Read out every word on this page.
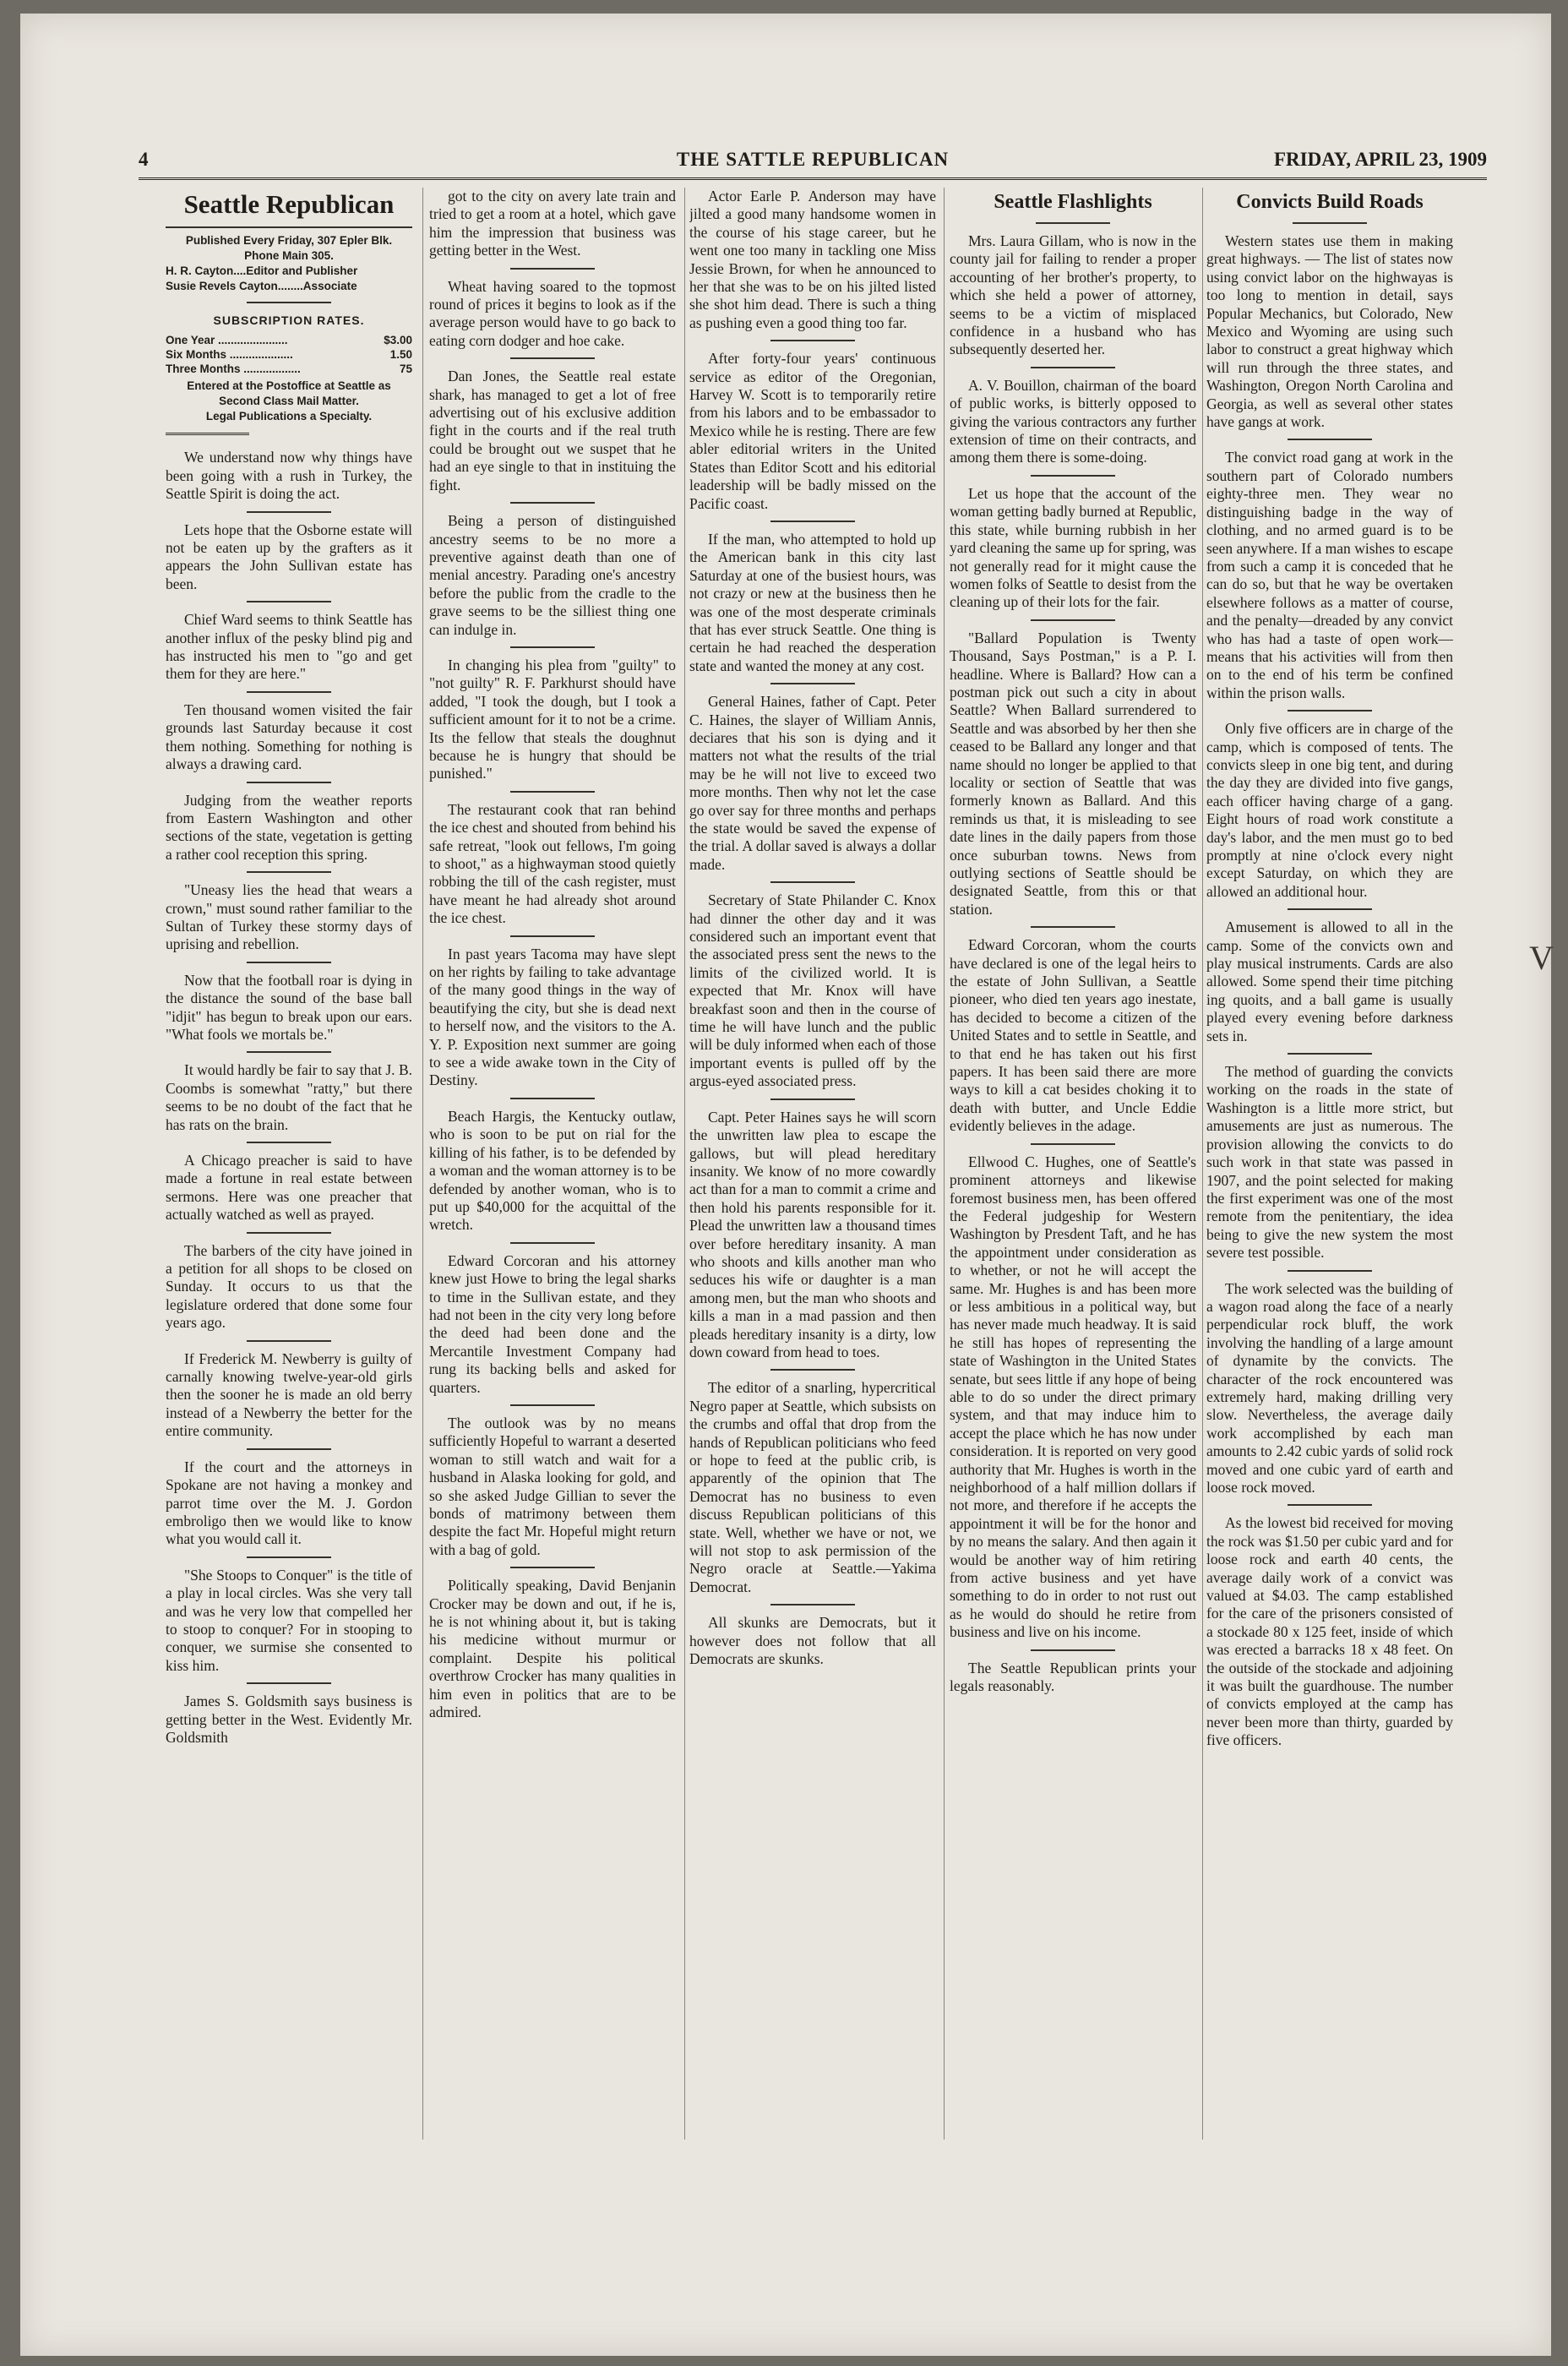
4	THE SATTLE REPUBLICAN	FRIDAY, APRIL 23, 1909
Seattle Republican
Published Every Friday, 307 Epler Blk.
Phone Main 305.
H. R. Cayton....Editor and Publisher
Susie Revels Cayton........Associate
SUBSCRIPTION RATES.
One Year ......................	$3.00
Six Months ....................	1.50
Three Months ..................	75
Entered at the Postoffice at Seattle as
Second Class Mail Matter.
Legal Publications a Specialty.

We understand now why things have been going with a rush in Turkey, the Seattle Spirit is doing the act.

Lets hope that the Osborne estate will not be eaten up by the grafters as it appears the John Sullivan estate has been.

Chief Ward seems to think Seattle has another influx of the pesky blind pig and has instructed his men to "go and get them for they are here."

Ten thousand women visited the fair grounds last Saturday because it cost them nothing. Something for nothing is always a drawing card.

Judging from the weather reports from Eastern Washington and other sections of the state, vegetation is getting a rather cool reception this spring.

"Uneasy lies the head that wears a crown," must sound rather familiar to the Sultan of Turkey these stormy days of uprising and rebellion.

Now that the football roar is dying in the distance the sound of the base ball "idjit" has begun to break upon our ears. "What fools we mortals be."

It would hardly be fair to say that J. B. Coombs is somewhat "ratty," but there seems to be no doubt of the fact that he has rats on the brain.

A Chicago preacher is said to have made a fortune in real estate between sermons. Here was one preacher that actually watched as well as prayed.

The barbers of the city have joined in a petition for all shops to be closed on Sunday. It occurs to us that the legislature ordered that done some four years ago.

If Frederick M. Newberry is guilty of carnally knowing twelve-year-old girls then the sooner he is made an old berry instead of a Newberry the better for the entire community.

If the court and the attorneys in Spokane are not having a monkey and parrot time over the M. J. Gordon embroligo then we would like to know what you would call it.

"She Stoops to Conquer" is the title of a play in local circles. Was she very tall and was he very low that compelled her to stoop to conquer? For in stooping to conquer, we surmise she consented to kiss him.

James S. Goldsmith says business is getting better in the West. Evidently Mr. Goldsmith

got to the city on avery late train and tried to get a room at a hotel, which gave him the impression that business was getting better in the West.

Wheat having soared to the topmost round of prices it begins to look as if the average person would have to go back to eating corn dodger and hoe cake.

Dan Jones, the Seattle real estate shark, has managed to get a lot of free advertising out of his exclusive addition fight in the courts and if the real truth could be brought out we suspet that he had an eye single to that in instituing the fight.

Being a person of distinguished ancestry seems to be no more a preventive against death than one of menial ancestry. Parading one's ancestry before the public from the cradle to the grave seems to be the silliest thing one can indulge in.

In changing his plea from "guilty" to "not guilty" R. F. Parkhurst should have added, "I took the dough, but I took a sufficient amount for it to not be a crime. Its the fellow that steals the doughnut because he is hungry that should be punished."

The restaurant cook that ran behind the ice chest and shouted from behind his safe retreat, "look out fellows, I'm going to shoot," as a highwayman stood quietly robbing the till of the cash register, must have meant he had already shot around the ice chest.

In past years Tacoma may have slept on her rights by failing to take advantage of the many good things in the way of beautifying the city, but she is dead next to herself now, and the visitors to the A. Y. P. Exposition next summer are going to see a wide awake town in the City of Destiny.

Beach Hargis, the Kentucky outlaw, who is soon to be put on rial for the killing of his father, is to be defended by a woman and the woman attorney is to be defended by another woman, who is to put up $40,000 for the acquittal of the wretch.

Edward Corcoran and his attorney knew just Howe to bring the legal sharks to time in the Sullivan estate, and they had not been in the city very long before the deed had been done and the Mercantile Investment Company had rung its backing bells and asked for quarters.

The outlook was by no means sufficiently Hopeful to warrant a deserted woman to still watch and wait for a husband in Alaska looking for gold, and so she asked Judge Gillian to sever the bonds of matrimony between them despite the fact Mr. Hopeful might return with a bag of gold.

Politically speaking, David Benjanin Crocker may be down and out, if he is, he is not whining about it, but is taking his medicine without murmur or complaint. Despite his political overthrow Crocker has many qualities in him even in politics that are to be admired.

Actor Earle P. Anderson may have jilted a good many handsome women in the course of his stage career, but he went one too many in tackling one Miss Jessie Brown, for when he announced to her that she was to be on his jilted listed she shot him dead. There is such a thing as pushing even a good thing too far.

After forty-four years' continuous service as editor of the Oregonian, Harvey W. Scott is to temporarily retire from his labors and to be embassador to Mexico while he is resting. There are few abler editorial writers in the United States than Editor Scott and his editorial leadership will be badly missed on the Pacific coast.

If the man, who attempted to hold up the American bank in this city last Saturday at one of the busiest hours, was not crazy or new at the business then he was one of the most desperate criminals that has ever struck Seattle. One thing is certain he had reached the desperation state and wanted the money at any cost.

General Haines, father of Capt. Peter C. Haines, the slayer of William Annis, deciares that his son is dying and it matters not what the results of the trial may be he will not live to exceed two more months. Then why not let the case go over say for three months and perhaps the state would be saved the expense of the trial. A dollar saved is always a dollar made.

Secretary of State Philander C. Knox had dinner the other day and it was considered such an important event that the associated press sent the news to the limits of the civilized world. It is expected that Mr. Knox will have breakfast soon and then in the course of time he will have lunch and the public will be duly informed when each of those important events is pulled off by the argus-eyed associated press.

Capt. Peter Haines says he will scorn the unwritten law plea to escape the gallows, but will plead hereditary insanity. We know of no more cowardly act than for a man to commit a crime and then hold his parents responsible for it. Plead the unwritten law a thousand times over before hereditary insanity. A man who shoots and kills another man who seduces his wife or daughter is a man among men, but the man who shoots and kills a man in a mad passion and then pleads hereditary insanity is a dirty, low down coward from head to toes.

The editor of a snarling, hypercritical Negro paper at Seattle, which subsists on the crumbs and offal that drop from the hands of Republican politicians who feed or hope to feed at the public crib, is apparently of the opinion that The Democrat has no business to even discuss Republican politicians of this state. Well, whether we have or not, we will not stop to ask permission of the Negro oracle at Seattle.—Yakima Democrat.

All skunks are Democrats, but it however does not follow that all Democrats are skunks.

Seattle Flashlights

Mrs. Laura Gillam, who is now in the county jail for failing to render a proper accounting of her brother's property, to which she held a power of attorney, seems to be a victim of misplaced confidence in a husband who has subsequently deserted her.

A. V. Bouillon, chairman of the board of public works, is bitterly opposed to giving the various contractors any further extension of time on their contracts, and among them there is some-doing.

Let us hope that the account of the woman getting badly burned at Republic, this state, while burning rubbish in her yard cleaning the same up for spring, was not generally read for it might cause the women folks of Seattle to desist from the cleaning up of their lots for the fair.

"Ballard Population is Twenty Thousand, Says Postman," is a P. I. headline. Where is Ballard? How can a postman pick out such a city in about Seattle? When Ballard surrendered to Seattle and was absorbed by her then she ceased to be Ballard any longer and that name should no longer be applied to that locality or section of Seattle that was formerly known as Ballard. And this reminds us that, it is misleading to see date lines in the daily papers from those once suburban towns. News from outlying sections of Seattle should be designated Seattle, from this or that station.

Edward Corcoran, whom the courts have declared is one of the legal heirs to the estate of John Sullivan, a Seattle pioneer, who died ten years ago inestate, has decided to become a citizen of the United States and to settle in Seattle, and to that end he has taken out his first papers. It has been said there are more ways to kill a cat besides choking it to death with butter, and Uncle Eddie evidently believes in the adage.

Ellwood C. Hughes, one of Seattle's prominent attorneys and likewise foremost business men, has been offered the Federal judgeship for Western Washington by Presdent Taft, and he has the appointment under consideration as to whether, or not he will accept the same. Mr. Hughes is and has been more or less ambitious in a political way, but has never made much headway. It is said he still has hopes of representing the state of Washington in the United States senate, but sees little if any hope of being able to do so under the direct primary system, and that may induce him to accept the place which he has now under consideration. It is reported on very good authority that Mr. Hughes is worth in the neighborhood of a half million dollars if not more, and therefore if he accepts the appointment it will be for the honor and by no means the salary. And then again it would be another way of him retiring from active business and yet have something to do in order to not rust out as he would do should he retire from business and live on his income.

The Seattle Republican prints your legals reasonably.

Convicts Build Roads

Western states use them in making great highways. — The list of states now using convict labor on the highwayas is too long to mention in detail, says Popular Mechanics, but Colorado, New Mexico and Wyoming are using such labor to construct a great highway which will run through the three states, and Washington, Oregon North Carolina and Georgia, as well as several other states have gangs at work.

The convict road gang at work in the southern part of Colorado numbers eighty-three men. They wear no distinguishing badge in the way of clothing, and no armed guard is to be seen anywhere. If a man wishes to escape from such a camp it is conceded that he can do so, but that he way be overtaken elsewhere follows as a matter of course, and the penalty—dreaded by any convict who has had a taste of open work—means that his activities will from then on to the end of his term be confined within the prison walls.

Only five officers are in charge of the camp, which is composed of tents. The convicts sleep in one big tent, and during the day they are divided into five gangs, each officer having charge of a gang. Eight hours of road work constitute a day's labor, and the men must go to bed promptly at nine o'clock every night except Saturday, on which they are allowed an additional hour.

Amusement is allowed to all in the camp. Some of the convicts own and play musical instruments. Cards are also allowed. Some spend their time pitching ing quoits, and a ball game is usually played every evening before darkness sets in.

The method of guarding the convicts working on the roads in the state of Washington is a little more strict, but amusements are just as numerous. The provision allowing the convicts to do such work in that state was passed in 1907, and the point selected for making the first experiment was one of the most remote from the penitentiary, the idea being to give the new system the most severe test possible.

The work selected was the building of a wagon road along the face of a nearly perpendicular rock bluff, the work involving the handling of a large amount of dynamite by the convicts. The character of the rock encountered was extremely hard, making drilling very slow. Nevertheless, the average daily work accomplished by each man amounts to 2.42 cubic yards of solid rock moved and one cubic yard of earth and loose rock moved.

As the lowest bid received for moving the rock was $1.50 per cubic yard and for loose rock and earth 40 cents, the average daily work of a convict was valued at $4.03. The camp established for the care of the prisoners consisted of a stockade 80 x 125 feet, inside of which was erected a barracks 18 x 48 feet. On the outside of the stockade and adjoining it was built the guardhouse. The number of convicts employed at the camp has never been more than thirty, guarded by five officers.

V
